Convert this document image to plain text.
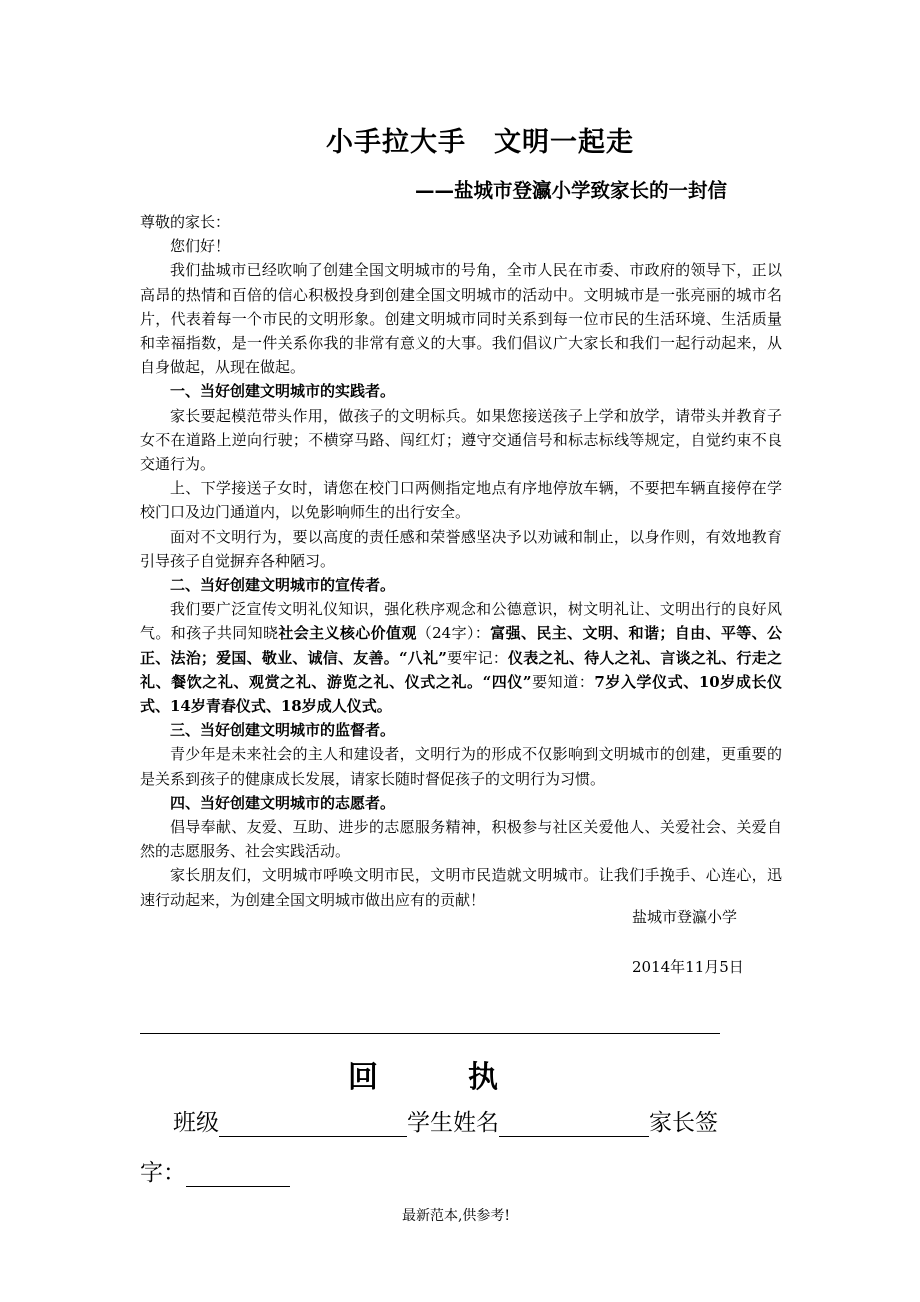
小手拉大手　文明一起走
——盐城市登瀛小学致家长的一封信

尊敬的家长：

您们好！

我们盐城市已经吹响了创建全国文明城市的号角，全市人民在市委、市政府的领导下，正以高昂的热情和百倍的信心积极投身到创建全国文明城市的活动中。文明城市是一张亮丽的城市名片，代表着每一个市民的文明形象。创建文明城市同时关系到每一位市民的生活环境、生活质量和幸福指数，是一件关系你我的非常有意义的大事。我们倡议广大家长和我们一起行动起来，从自身做起，从现在做起。

一、当好创建文明城市的实践者。

家长要起模范带头作用，做孩子的文明标兵。如果您接送孩子上学和放学，请带头并教育子女不在道路上逆向行驶；不横穿马路、闯红灯；遵守交通信号和标志标线等规定，自觉约束不良交通行为。

上、下学接送子女时，请您在校门口两侧指定地点有序地停放车辆，不要把车辆直接停在学校门口及边门通道内，以免影响师生的出行安全。

面对不文明行为，要以高度的责任感和荣誉感坚决予以劝诫和制止，以身作则，有效地教育引导孩子自觉摒弃各种陋习。

二、当好创建文明城市的宣传者。

我们要广泛宣传文明礼仪知识，强化秩序观念和公德意识，树文明礼让、文明出行的良好风气。和孩子共同知晓社会主义核心价值观（24字）：富强、民主、文明、和谐；自由、平等、公正、法治；爱国、敬业、诚信、友善。“八礼”要牢记：仪表之礼、待人之礼、言谈之礼、行走之礼、餐饮之礼、观赏之礼、游览之礼、仪式之礼。“四仪”要知道：7岁入学仪式、10岁成长仪式、14岁青春仪式、18岁成人仪式。

三、当好创建文明城市的监督者。

青少年是未来社会的主人和建设者，文明行为的形成不仅影响到文明城市的创建，更重要的是关系到孩子的健康成长发展，请家长随时督促孩子的文明行为习惯。

四、当好创建文明城市的志愿者。

倡导奉献、友爱、互助、进步的志愿服务精神，积极参与社区关爱他人、关爱社会、关爱自然的志愿服务、社会实践活动。

家长朋友们，文明城市呼唤文明市民，文明市民造就文明城市。让我们手挽手、心连心，迅速行动起来，为创建全国文明城市做出应有的贡献！

盐城市登瀛小学
2014年11月5日
回	执
班级	学生姓名	家长签
字：
最新范本,供参考!
